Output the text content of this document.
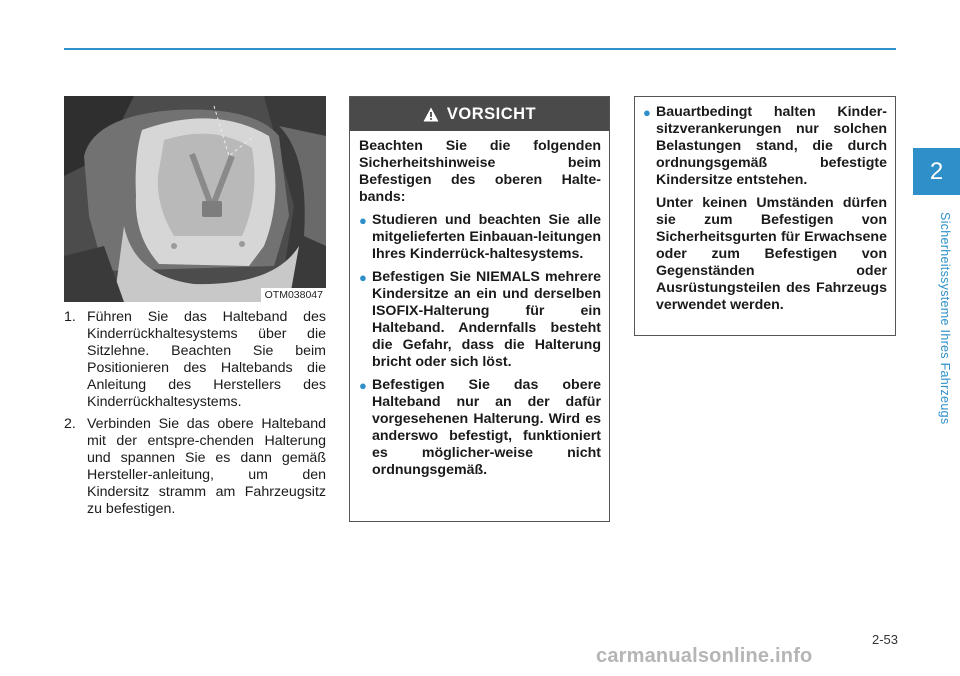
2
Sicherheitssysteme Ihres Fahrzeugs
OTM038047
1. Führen Sie das Halteband des Kinderrückhaltesystems über die Sitzlehne. Beachten Sie beim Positionieren des Haltebands die Anleitung des Herstellers des Kinderrückhaltesystems.
2. Verbinden Sie das obere Halteband mit der entspre-chenden Halterung und spannen Sie es dann gemäß Hersteller-anleitung, um den Kindersitz stramm am Fahrzeugsitz zu befestigen.
VORSICHT
Beachten Sie die folgenden Sicherheitshinweise beim Befestigen des oberen Halte-bands:
● Studieren und beachten Sie alle mitgelieferten Einbauan-leitungen Ihres Kinderrück-haltesystems.
● Befestigen Sie NIEMALS mehrere Kindersitze an ein und derselben ISOFIX-Halterung für ein Halteband. Andernfalls besteht die Gefahr, dass die Halterung bricht oder sich löst.
● Befestigen Sie das obere Halteband nur an der dafür vorgesehenen Halterung. Wird es anderswo befestigt, funktioniert es möglicher-weise nicht ordnungsgemäß.
● Bauartbedingt halten Kinder-sitzverankerungen nur solchen Belastungen stand, die durch ordnungsgemäß befestigte Kindersitze entstehen.
Unter keinen Umständen dürfen sie zum Befestigen von Sicherheitsgurten für Erwachsene oder zum Befestigen von Gegenständen oder Ausrüstungsteilen des Fahrzeugs verwendet werden.
2-53
carmanualsonline.info
